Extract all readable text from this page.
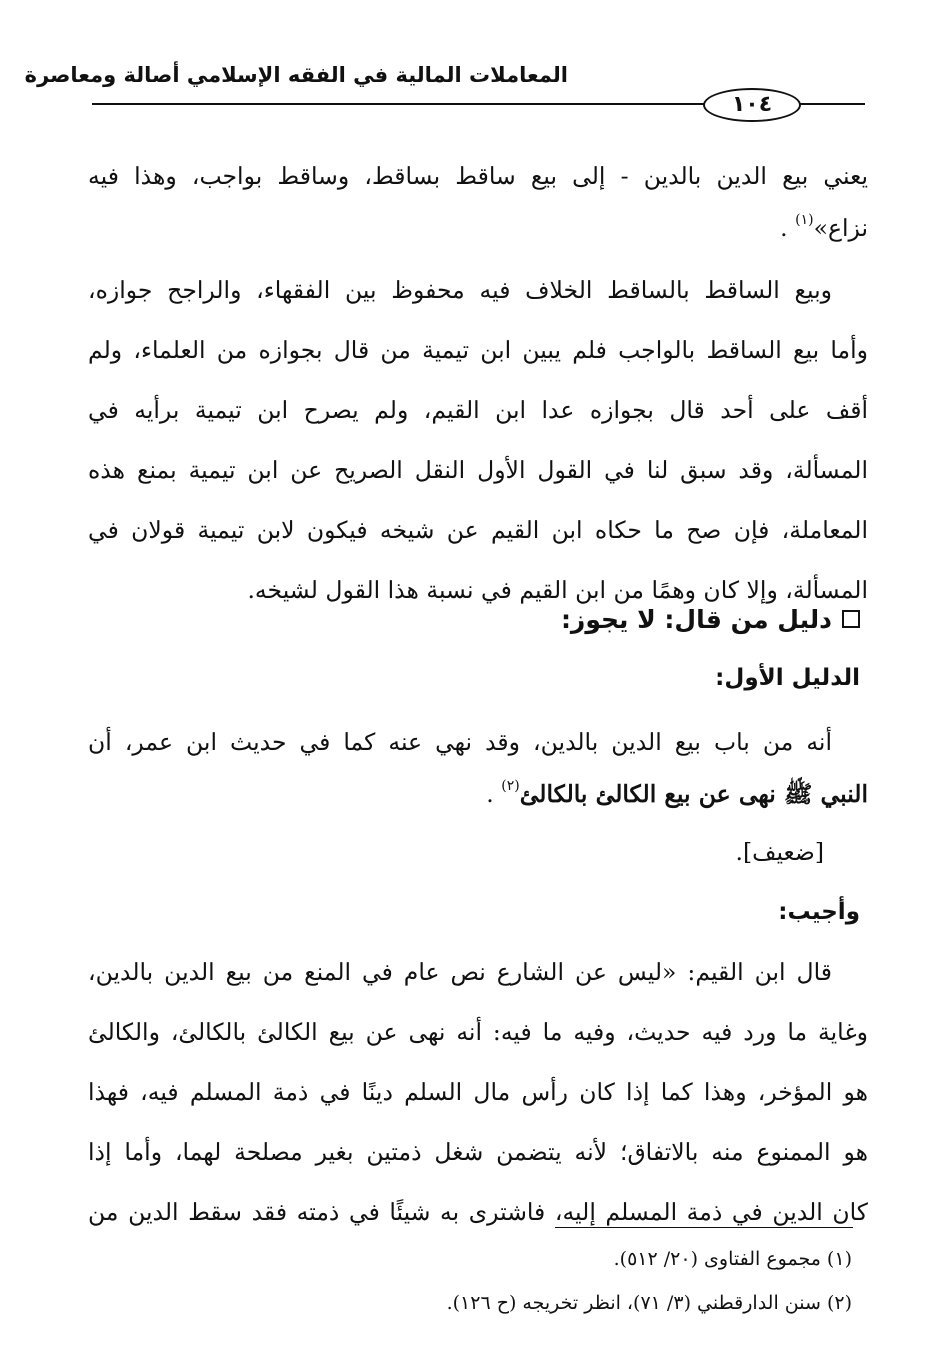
المعاملات المالية في الفقه الإسلامي أصالة ومعاصرة
١٠٤
يعني بيع الدين بالدين - إلى بيع ساقط بساقط، وساقط بواجب، وهذا فيه
نزاع»$^{(١)}$ .
وبيع الساقط بالساقط الخلاف فيه محفوظ بين الفقهاء، والراجح جوازه،
وأما بيع الساقط بالواجب فلم يبين ابن تيمية من قال بجوازه من العلماء، ولم
أقف على أحد قال بجوازه عدا ابن القيم، ولم يصرح ابن تيمية برأيه في
المسألة، وقد سبق لنا في القول الأول النقل الصريح عن ابن تيمية بمنع هذه
المعاملة، فإن صح ما حكاه ابن القيم عن شيخه فيكون لابن تيمية قولان في
المسألة، وإلا كان وهمًا من ابن القيم في نسبة هذا القول لشيخه.
دليل من قال: لا يجوز:
الدليل الأول:
أنه من باب بيع الدين بالدين، وقد نهي عنه كما في حديث ابن عمر، أن
النبي ﷺ نهى عن بيع الكالئ بالكالئ$^{(٢)}$ .
[ضعيف].
وأجيب:
قال ابن القيم: «ليس عن الشارع نص عام في المنع من بيع الدين بالدين،
وغاية ما ورد فيه حديث، وفيه ما فيه: أنه نهى عن بيع الكالئ بالكالئ، والكالئ
هو المؤخر، وهذا كما إذا كان رأس مال السلم دينًا في ذمة المسلم فيه، فهذا
هو الممنوع منه بالاتفاق؛ لأنه يتضمن شغل ذمتين بغير مصلحة لهما، وأما إذا
كان الدين في ذمة المسلم إليه، فاشترى به شيئًا في ذمته فقد سقط الدين من
(١) مجموع الفتاوى (٢٠/ ٥١٢).
(٢) سنن الدارقطني (٣/ ٧١)، انظر تخريجه (ح ١٢٦).
